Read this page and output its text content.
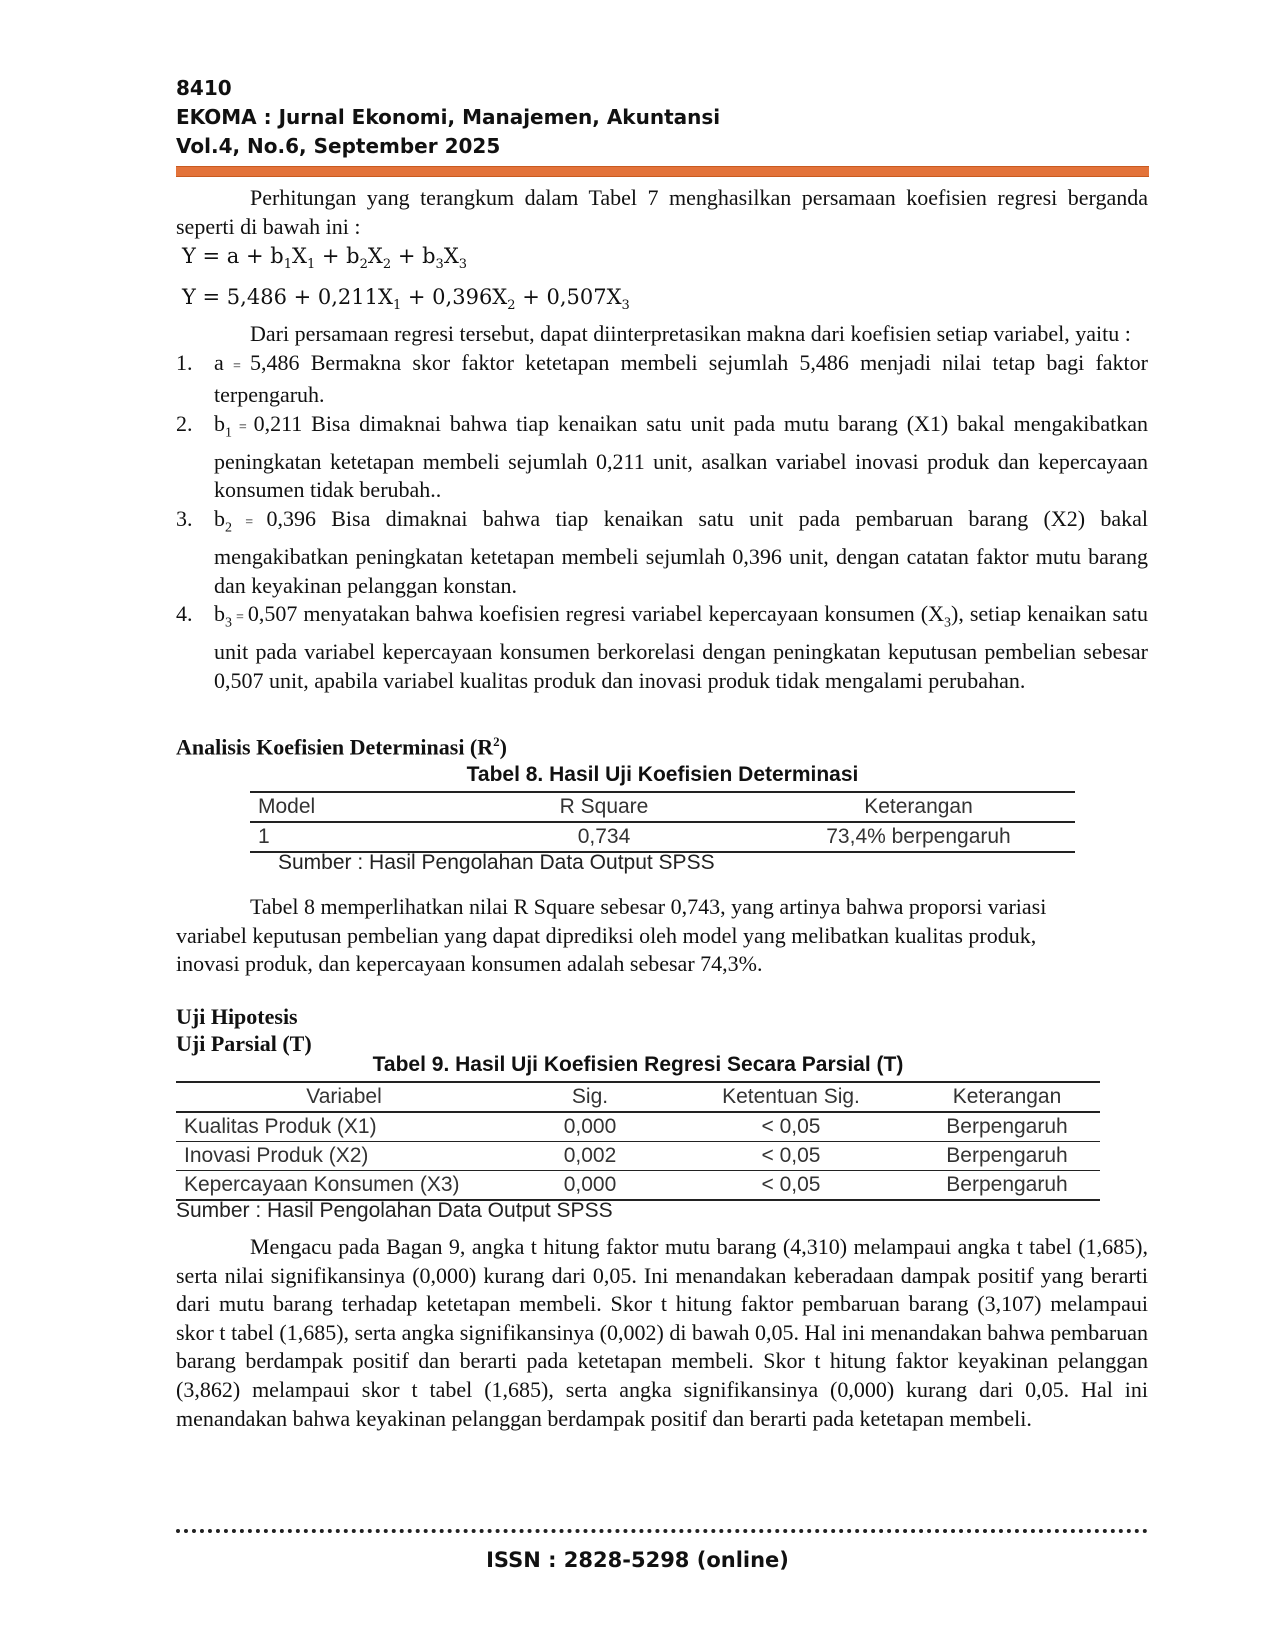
8410
EKOMA : Jurnal Ekonomi, Manajemen, Akuntansi
Vol.4, No.6, September 2025

Perhitungan yang terangkum dalam Tabel 7 menghasilkan persamaan koefisien regresi berganda seperti di bawah ini :

$Y = a + b_1X_1 + b_2X_2 + b_3X_3$
$Y = 5,486 + 0,211X_1 + 0,396X_2 + 0,507X_3$

Dari persamaan regresi tersebut, dapat diinterpretasikan makna dari koefisien setiap variabel, yaitu :

1. a = 5,486 Bermakna skor faktor ketetapan membeli sejumlah 5,486 menjadi nilai tetap bagi faktor terpengaruh.
2. $b_1 = 0,211$ Bisa dimaknai bahwa tiap kenaikan satu unit pada mutu barang (X1) bakal mengakibatkan peningkatan ketetapan membeli sejumlah 0,211 unit, asalkan variabel inovasi produk dan kepercayaan konsumen tidak berubah..
3. $b_2 = 0,396$ Bisa dimaknai bahwa tiap kenaikan satu unit pada pembaruan barang (X2) bakal mengakibatkan peningkatan ketetapan membeli sejumlah 0,396 unit, dengan catatan faktor mutu barang dan keyakinan pelanggan konstan.
4. $b_3 = 0,507$ menyatakan bahwa koefisien regresi variabel kepercayaan konsumen $(X_3)$, setiap kenaikan satu unit pada variabel kepercayaan konsumen berkorelasi dengan peningkatan keputusan pembelian sebesar 0,507 unit, apabila variabel kualitas produk dan inovasi produk tidak mengalami perubahan.
Analisis Koefisien Determinasi $(R^2)$
Tabel 8. Hasil Uji Koefisien Determinasi
Model	R Square	Keterangan
1	0,734	73,4% berpengaruh
Sumber : Hasil Pengolahan Data Output SPSS

Tabel 8 memperlihatkan nilai R Square sebesar 0,743, yang artinya bahwa proporsi variasi variabel keputusan pembelian yang dapat diprediksi oleh model yang melibatkan kualitas produk, inovasi produk, dan kepercayaan konsumen adalah sebesar 74,3%.

Uji Hipotesis
Uji Parsial (T)
Tabel 9. Hasil Uji Koefisien Regresi Secara Parsial (T)
Variabel	Sig.	Ketentuan Sig.	Keterangan
Kualitas Produk (X1)	0,000	< 0,05	Berpengaruh
Inovasi Produk (X2)	0,002	< 0,05	Berpengaruh
Kepercayaan Konsumen (X3)	0,000	< 0,05	Berpengaruh
Sumber : Hasil Pengolahan Data Output SPSS

Mengacu pada Bagan 9, angka t hitung faktor mutu barang (4,310) melampaui angka t tabel (1,685), serta nilai signifikansinya (0,000) kurang dari 0,05. Ini menandakan keberadaan dampak positif yang berarti dari mutu barang terhadap ketetapan membeli. Skor t hitung faktor pembaruan barang (3,107) melampaui skor t tabel (1,685), serta angka signifikansinya (0,002) di bawah 0,05. Hal ini menandakan bahwa pembaruan barang berdampak positif dan berarti pada ketetapan membeli. Skor t hitung faktor keyakinan pelanggan (3,862) melampaui skor t tabel (1,685), serta angka signifikansinya (0,000) kurang dari 0,05. Hal ini menandakan bahwa keyakinan pelanggan berdampak positif dan berarti pada ketetapan membeli.

ISSN : 2828-5298 (online)
